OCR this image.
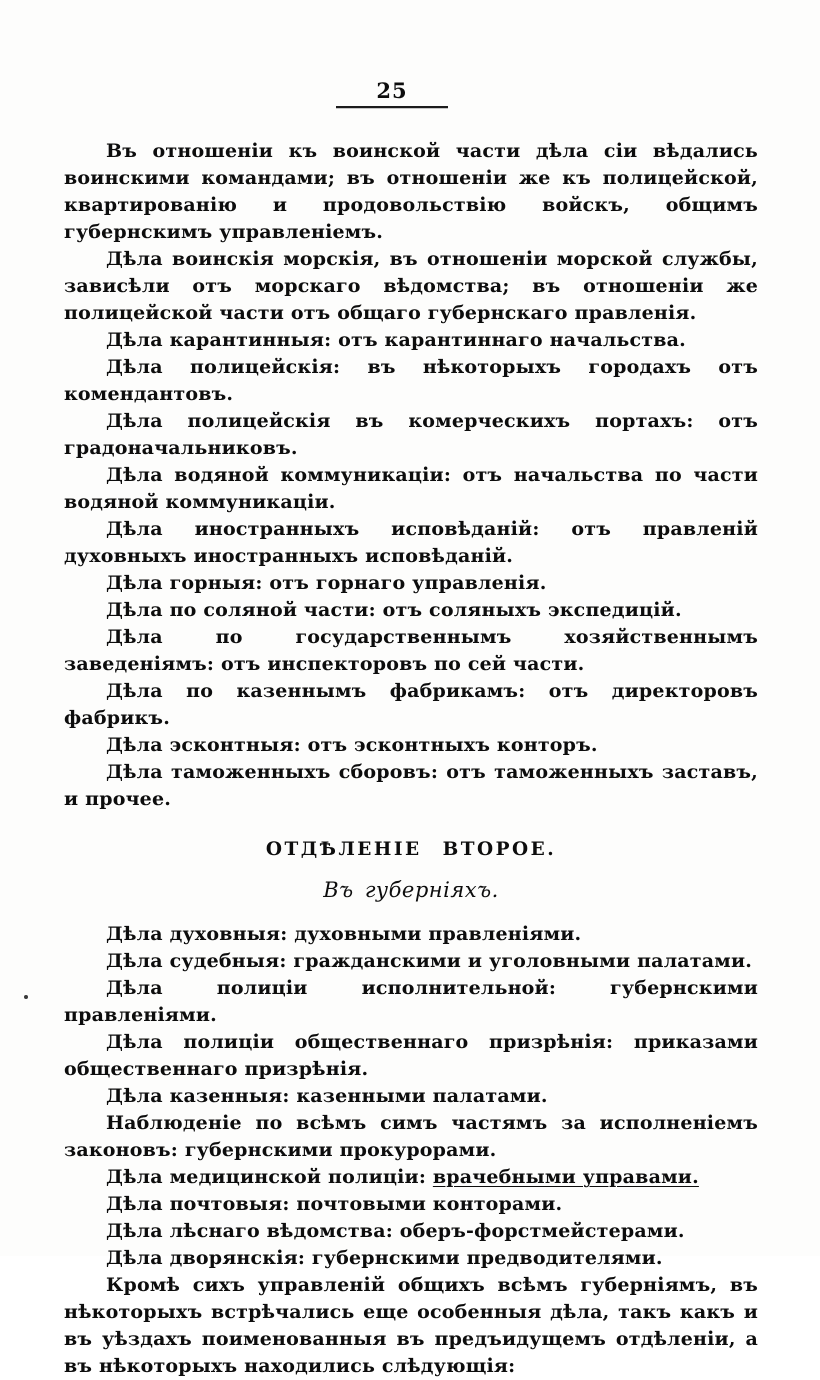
25

Въ отношеніи къ воинской части дѣла сіи вѣдались воинскими командами; въ отношеніи же къ полицейской, квартированію и продовольствію войскъ, общимъ губернскимъ управленіемъ.

Дѣла воинскія морскія, въ отношеніи морской службы, зависѣли отъ морскаго вѣдомства; въ отношеніи же полицейской части отъ общаго губернскаго правленія.

Дѣла карантинныя: отъ карантиннаго начальства.

Дѣла полицейскія: въ нѣкоторыхъ городахъ отъ комендантовъ.

Дѣла полицейскія въ комерческихъ портахъ: отъ градоначальниковъ.

Дѣла водяной коммуникаціи: отъ начальства по части водяной коммуникаціи.

Дѣла иностранныхъ исповѣданій: отъ правленій духовныхъ иностранныхъ исповѣданій.

Дѣла горныя: отъ горнаго управленія.

Дѣла по соляной части: отъ соляныхъ экспедицій.

Дѣла по государственнымъ хозяйственнымъ заведеніямъ: отъ инспекторовъ по сей части.

Дѣла по казеннымъ фабрикамъ: отъ директоровъ фабрикъ.

Дѣла эсконтныя: отъ эсконтныхъ конторъ.

Дѣла таможенныхъ сборовъ: отъ таможенныхъ заставъ, и прочее.

ОТДѢЛЕНІЕ ВТОРОЕ.
Въ губерніяхъ.

Дѣла духовныя: духовными правленіями.

Дѣла судебныя: гражданскими и уголовными палатами.

Дѣла полиціи исполнительной: губернскими правленіями.

Дѣла полиціи общественнаго призрѣнія: приказами общественнаго призрѣнія.

Дѣла казенныя: казенными палатами.

Наблюденіе по всѣмъ симъ частямъ за исполненіемъ законовъ: губернскими прокурорами.

Дѣла медицинской полиціи: врачебными управами.

Дѣла почтовыя: почтовыми конторами.

Дѣла лѣснаго вѣдомства: оберъ-форстмейстерами.

Дѣла дворянскія: губернскими предводителями.

Кромѣ сихъ управленій общихъ всѣмъ губерніямъ, въ нѣкоторыхъ встрѣчались еще особенныя дѣла, такъ какъ и въ уѣздахъ поименованныя въ предъидущемъ отдѣленіи, а въ нѣкоторыхъ находились слѣдующія:
